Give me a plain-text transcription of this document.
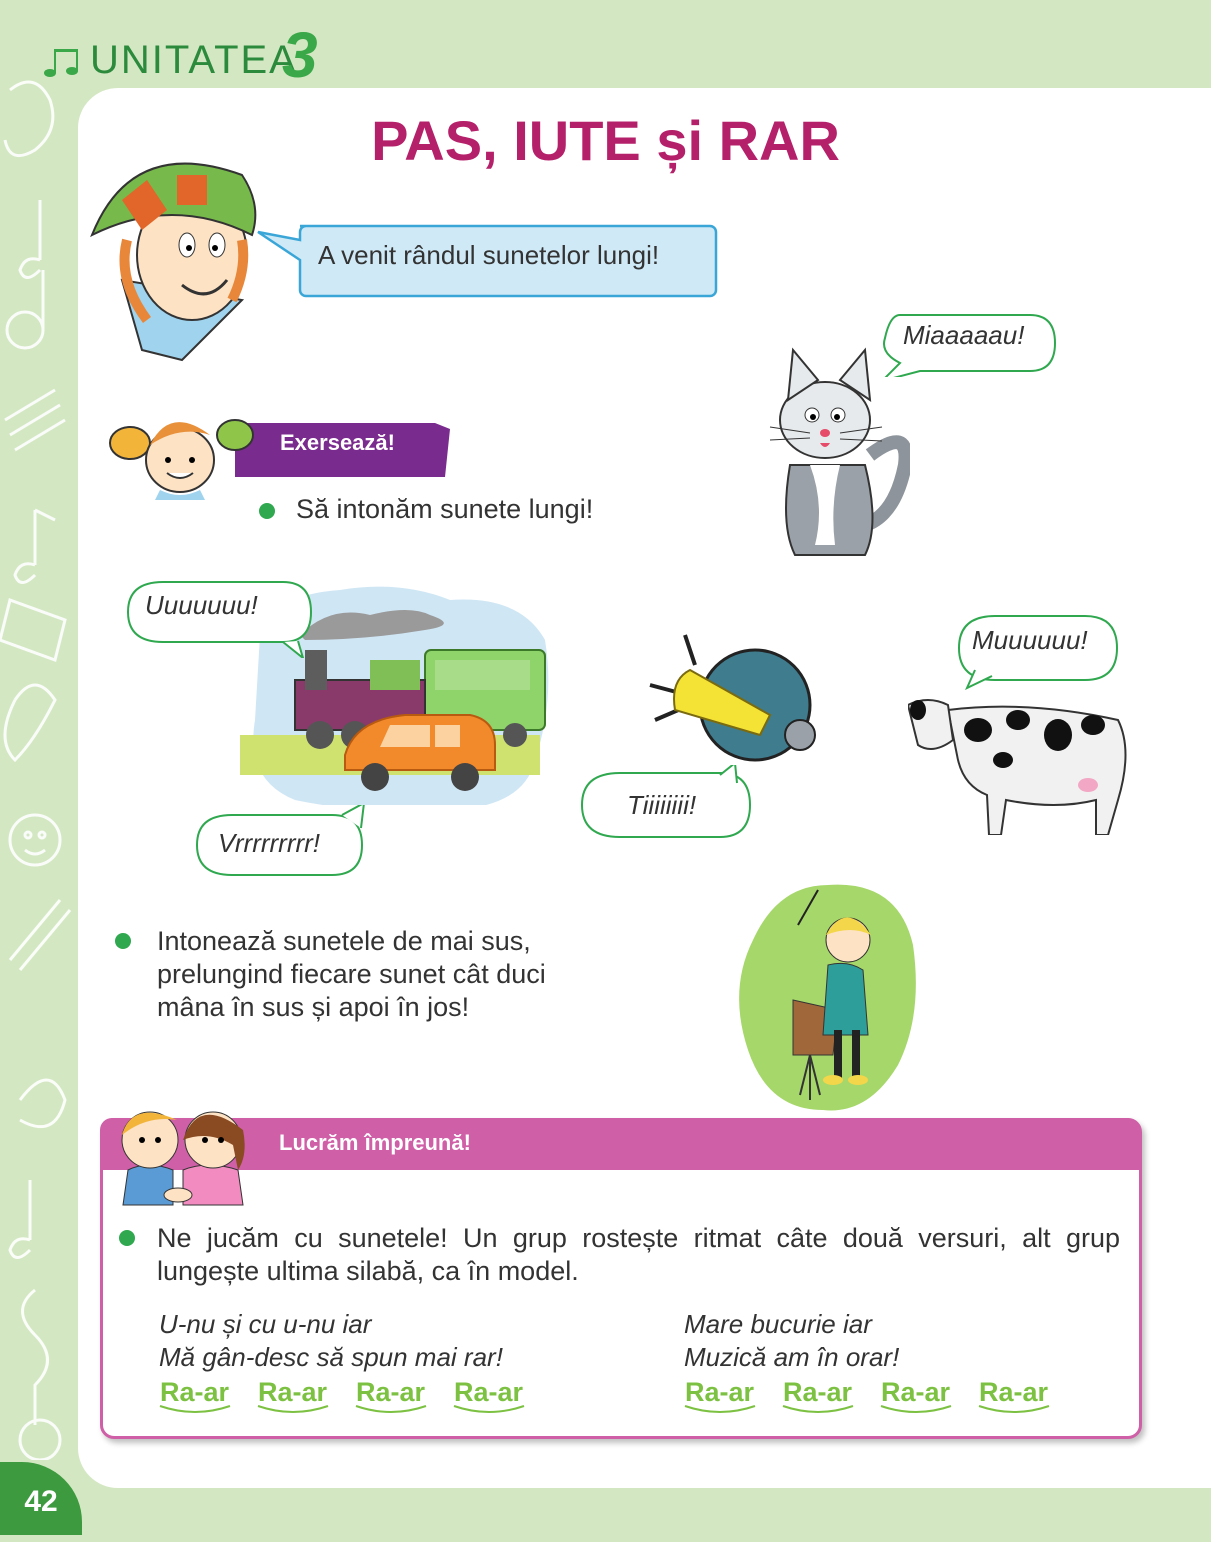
UNITATEA
3
PAS, IUTE și RAR
A venit rândul sunetelor lungi!
Miaaaaau!
Exersează!
Să intonăm sunete lungi!
Uuuuuuu!
Vrrrrrrrrr!
Tiiiiiiii!
Muuuuuu!
Intonează sunetele de mai sus,
prelungind fiecare sunet cât duci
mâna în sus și apoi în jos!
Lucrăm împreună!
Ne jucăm cu sunetele! Un grup rostește ritmat câte două versuri, alt grup
lungește ultima silabă, ca în model.
U-nu și cu u-nu iar
Mă gân-desc să spun mai rar!
Mare bucurie iar
Muzică am în orar!
Ra-ar Ra-ar Ra-ar Ra-ar	Ra-ar Ra-ar Ra-ar Ra-ar
42
